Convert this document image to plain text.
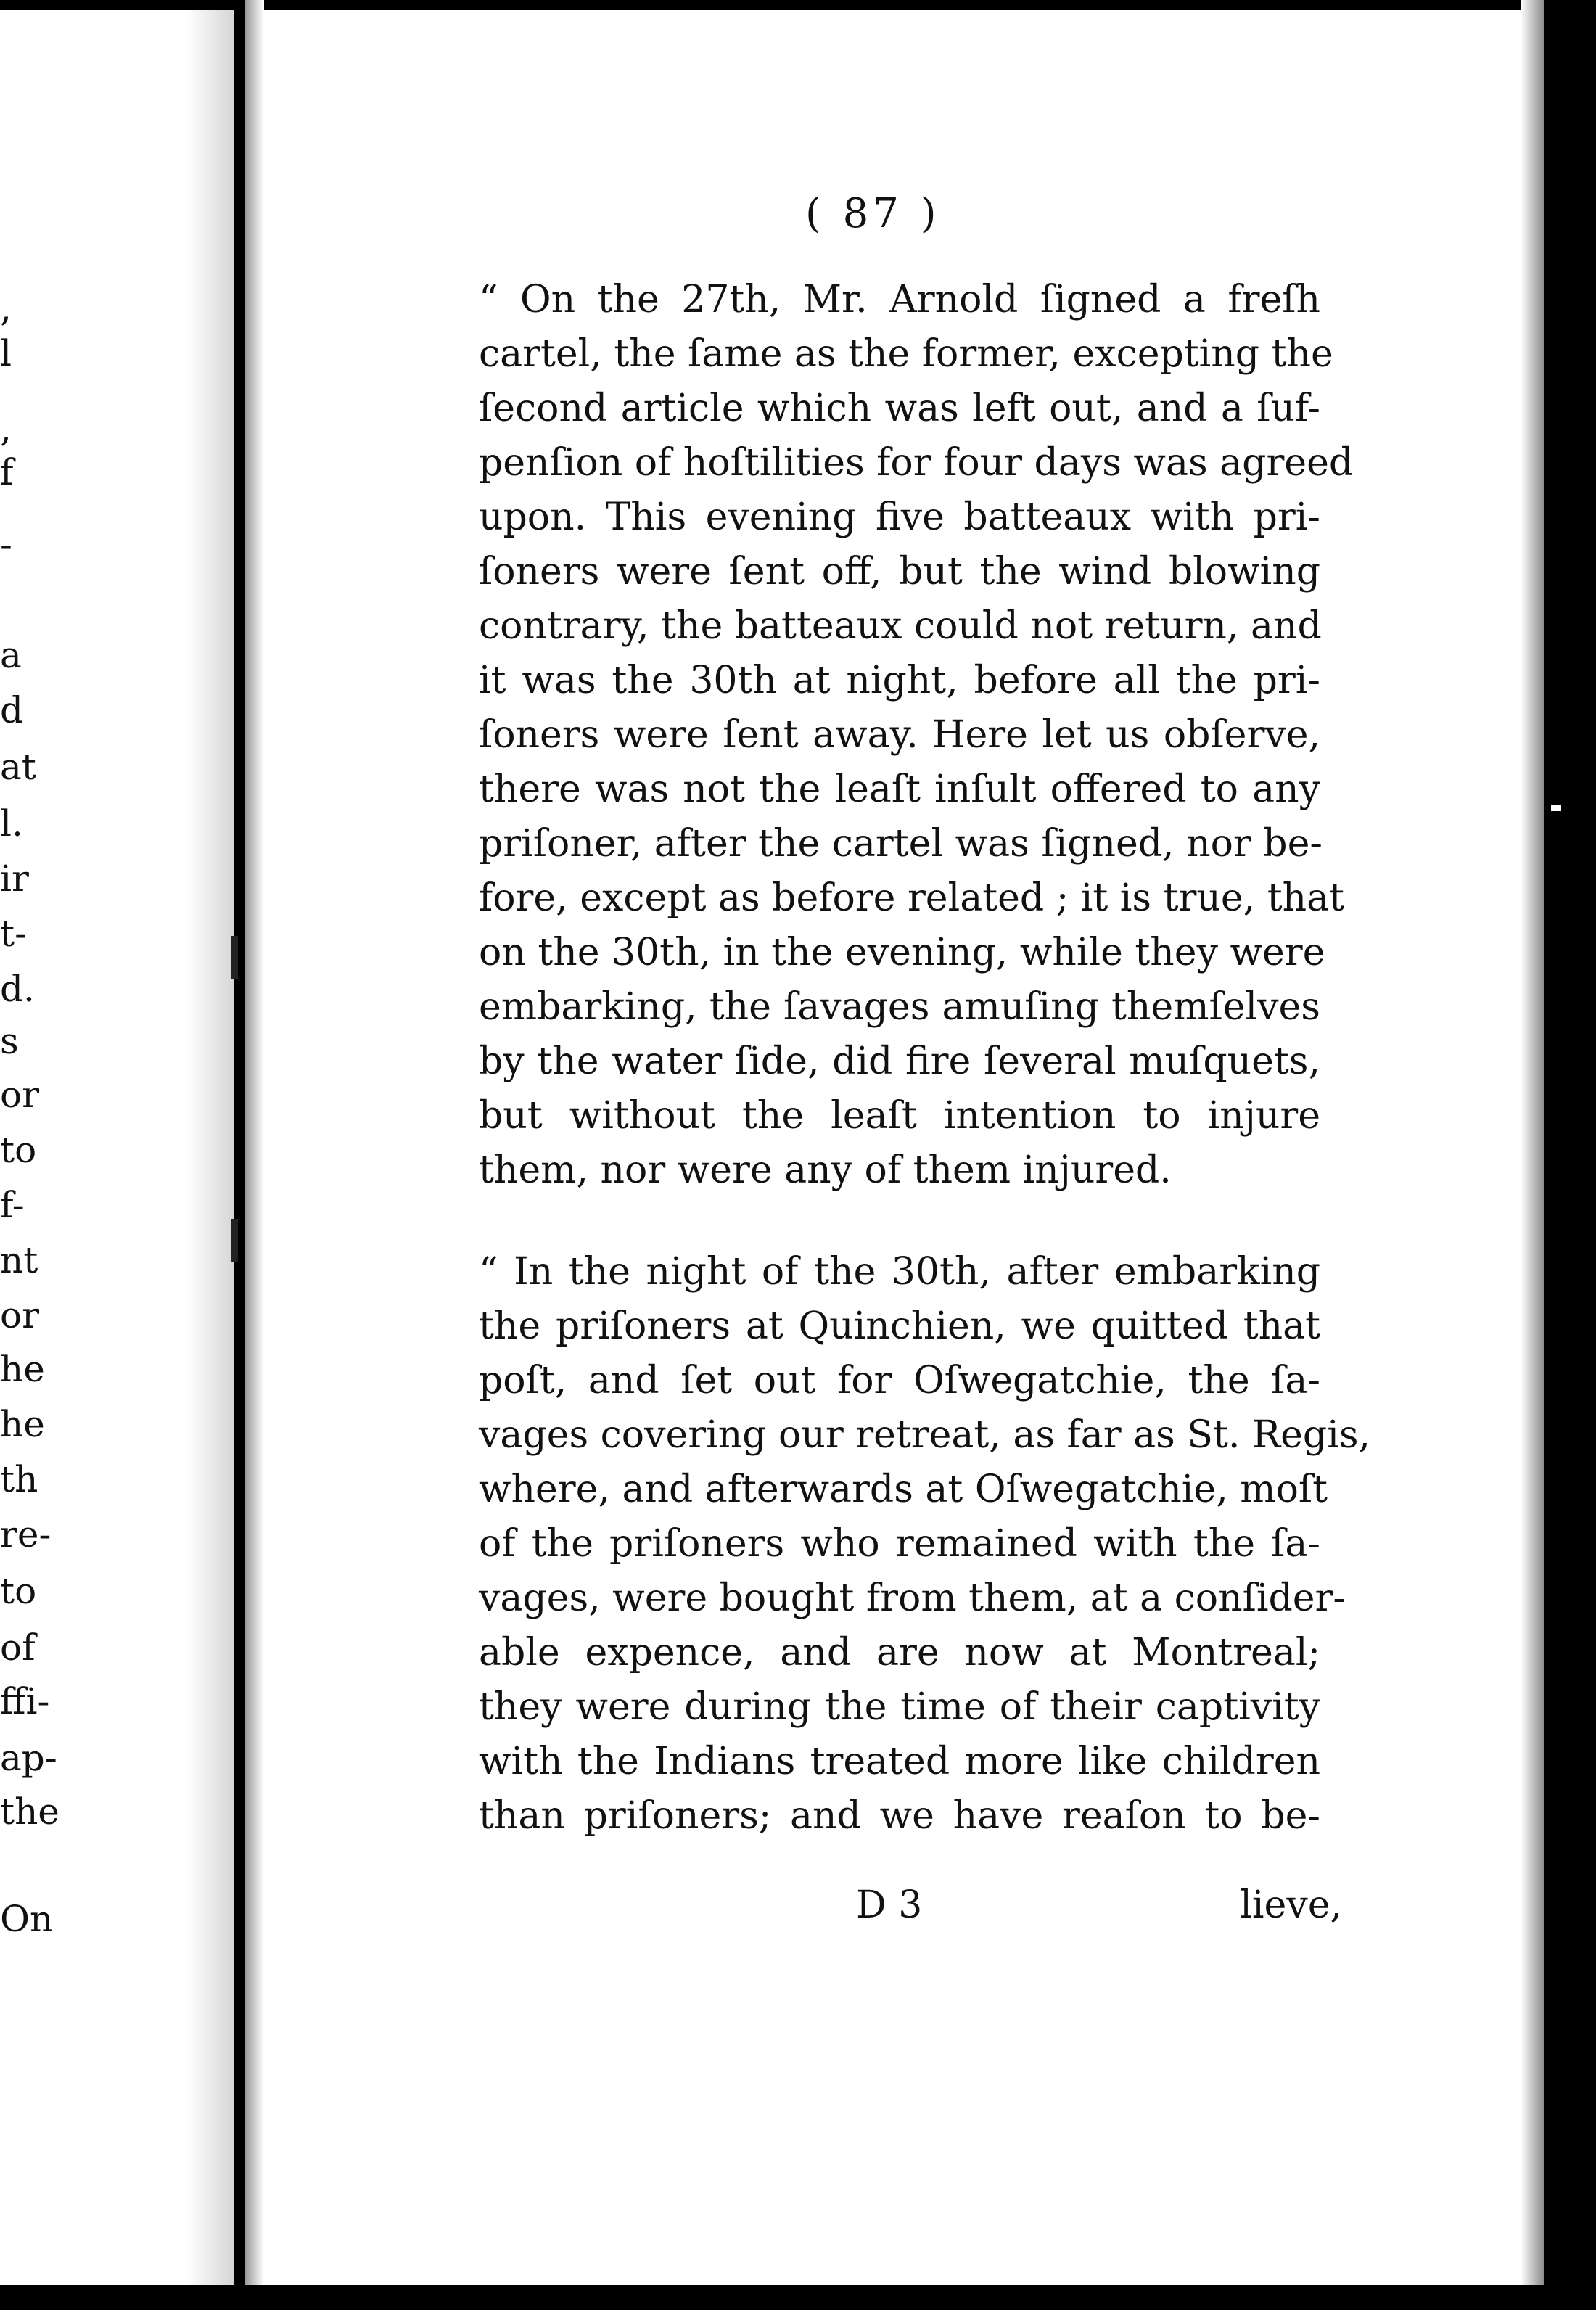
,
l
,
f
-
a
d
at
l.
ir
t-
d.
s
or
to
f-
nt
or
he
he
th
re-
to
of
ffi-
ap-
the
On
( 87 )
“ On the 27th, Mr. Arnold ſigned a freſh
cartel, the ſame as the former, excepting the
ſecond article which was left out, and a ſuf-
penſion of hoſtilities for four days was agreed
upon. This evening five batteaux with pri-
ſoners were ſent off, but the wind blowing
contrary, the batteaux could not return, and
it was the 30th at night, before all the pri-
ſoners were ſent away. Here let us obſerve,
there was not the leaſt inſult offered to any
priſoner, after the cartel was ſigned, nor be-
fore, except as before related ; it is true, that
on the 30th, in the evening, while they were
embarking, the ſavages amuſing themſelves
by the water ſide, did fire ſeveral muſquets,
but without the leaſt intention to injure
them, nor were any of them injured.
“ In the night of the 30th, after embarking
the priſoners at Quinchien, we quitted that
poſt, and ſet out for Oſwegatchie, the ſa-
vages covering our retreat, as far as St. Regis,
where, and afterwards at Oſwegatchie, moſt
of the priſoners who remained with the ſa-
vages, were bought from them, at a conſider-
able expence, and are now at Montreal;
they were during the time of their captivity
with the Indians treated more like children
than priſoners; and we have reaſon to be-
D 3	lieve,
